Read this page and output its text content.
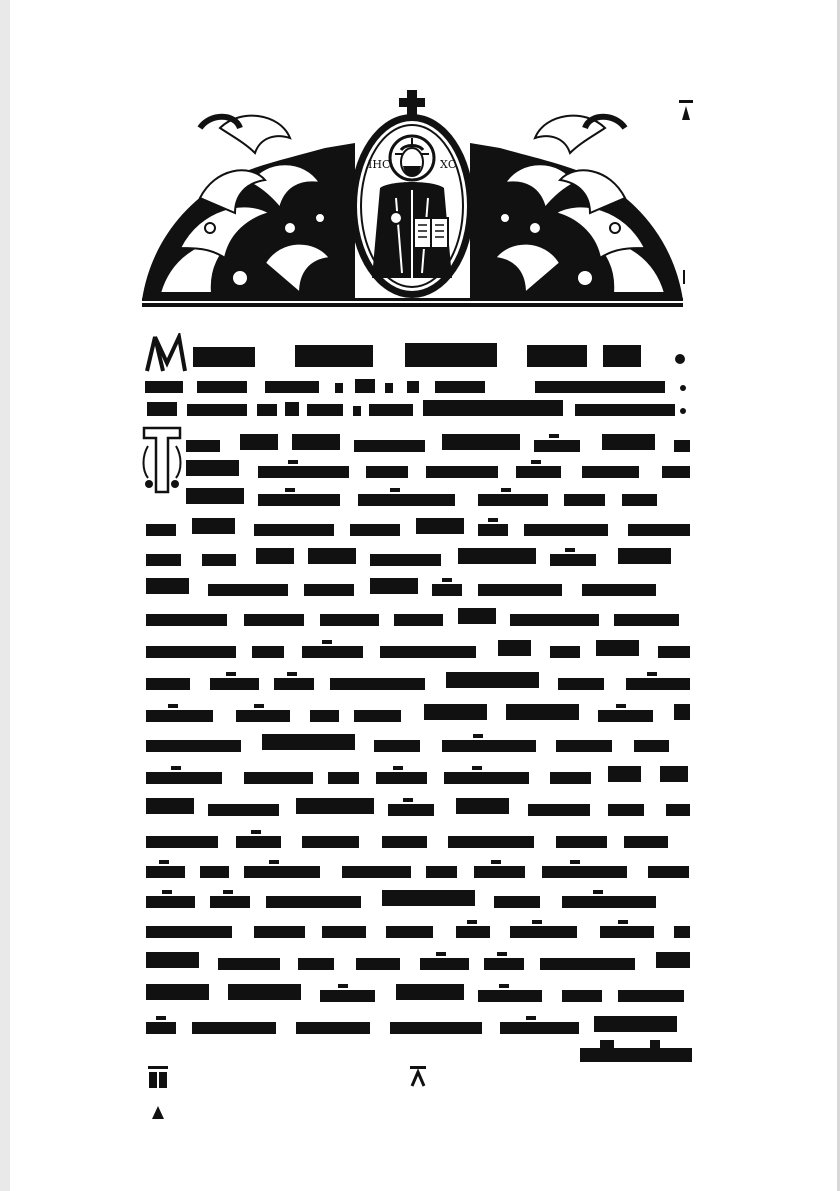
ІНС	ХС
